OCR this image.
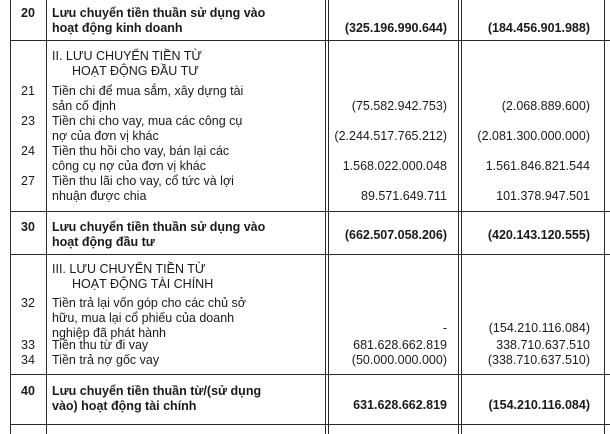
20	Lưu chuyển tiền thuần sử dụng vào
hoạt động kinh doanh	(325.196.990.644)	(184.456.901.988)
II. LƯU CHUYỂN TIỀN TỪ
HOẠT ĐỘNG ĐẦU TƯ
21	Tiền chi để mua sắm, xây dựng tài
sản cố định	(75.582.942.753)	(2.068.889.600)
23	Tiền chi cho vay, mua các công cụ
nợ của đơn vị khác	(2.244.517.765.212) (2.081.300.000.000)
24	Tiền thu hồi cho vay, bán lại các
công cụ nợ của đơn vị khác	1.568.022.000.048	1.561.846.821.544
27	Tiền thu lãi cho vay, cổ tức và lợi
nhuận được chia	89.571.649.711	101.378.947.501
30	Lưu chuyển tiền thuần sử dụng vào
hoạt động đầu tư	(662.507.058.206)	(420.143.120.555)
III. LƯU CHUYỂN TIỀN TỪ
HOẠT ĐỘNG TÀI CHÍNH
32	Tiền trả lại vốn góp cho các chủ sở
hữu, mua lại cổ phiếu của doanh
nghiệp đã phát hành	-	(154.210.116.084)
33	Tiền thu từ đi vay	681.628.662.819	338.710.637.510
34	Tiền trả nợ gốc vay	(50.000.000.000)	(338.710.637.510)
40	Lưu chuyển tiền thuần từ/(sử dụng
vào) hoạt động tài chính	631.628.662.819	(154.210.116.084)
